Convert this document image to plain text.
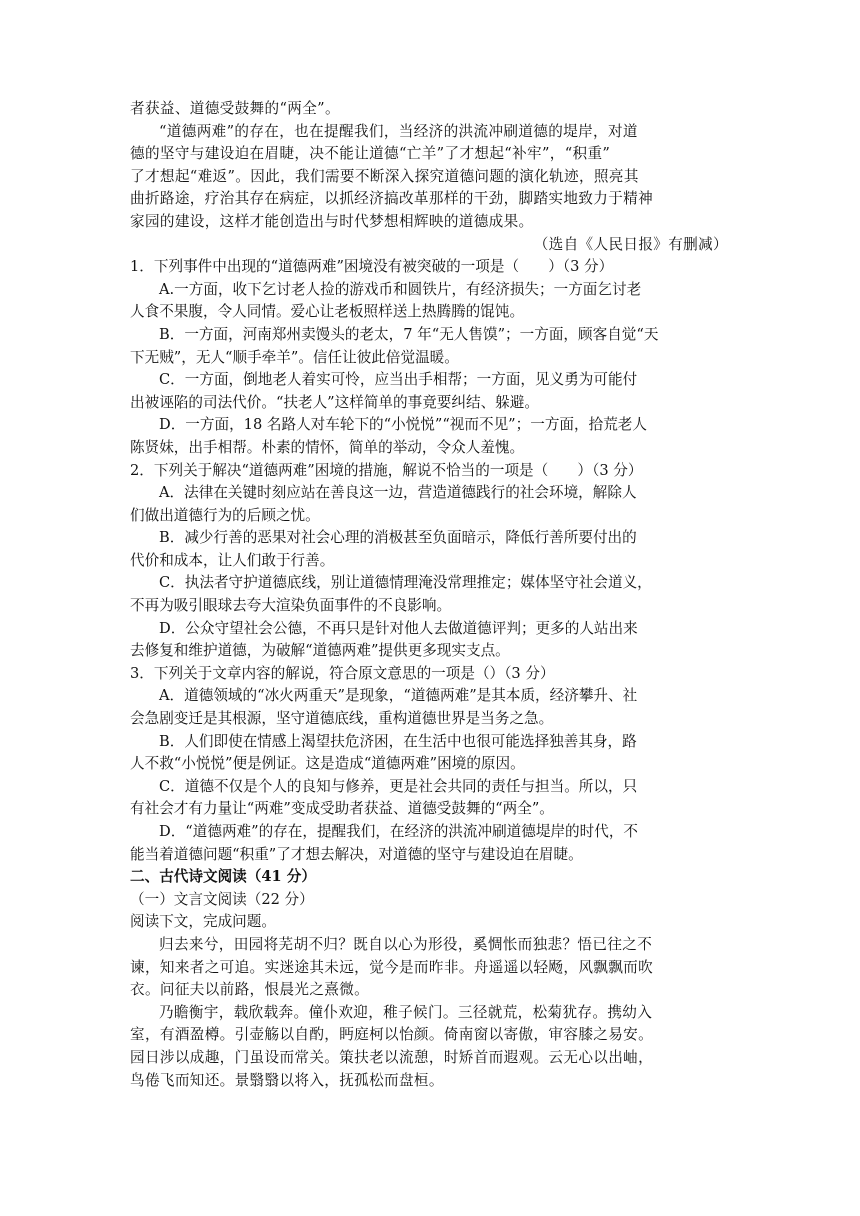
者获益、道德受鼓舞的“两全”。

“道德两难”的存在，也在提醒我们，当经济的洪流冲刷道德的堤岸，对道

德的坚守与建设迫在眉睫，决不能让道德“亡羊”了才想起“补牢”，“积重”

了才想起“难返”。因此，我们需要不断深入探究道德问题的演化轨迹，照亮其

曲折路途，疗治其存在病症，以抓经济搞改革那样的干劲，脚踏实地致力于精神

家园的建设，这样才能创造出与时代梦想相辉映的道德成果。

（选自《人民日报》有删减）

1．下列事件中出现的“道德两难”困境没有被突破的一项是（　　）（3 分）

A.一方面，收下乞讨老人捡的游戏币和圆铁片，有经济损失；一方面乞讨老

人食不果腹，令人同情。爱心让老板照样送上热腾腾的馄饨。

B．一方面，河南郑州卖馒头的老太，7 年“无人售馍”；一方面，顾客自觉“天

下无贼”，无人“顺手牵羊”。信任让彼此倍觉温暖。

C．一方面，倒地老人着实可怜，应当出手相帮；一方面，见义勇为可能付

出被诬陷的司法代价。“扶老人”这样简单的事竟要纠结、躲避。

D．一方面，18 名路人对车轮下的“小悦悦”“视而不见”；一方面，拾荒老人

陈贤妹，出手相帮。朴素的情怀，简单的举动，令众人羞愧。

2．下列关于解决“道德两难”困境的措施，解说不恰当的一项是（　　）（3 分）

A．法律在关键时刻应站在善良这一边，营造道德践行的社会环境，解除人

们做出道德行为的后顾之忧。

B．减少行善的恶果对社会心理的消极甚至负面暗示，降低行善所要付出的

代价和成本，让人们敢于行善。

C．执法者守护道德底线，别让道德情理淹没常理推定；媒体坚守社会道义，

不再为吸引眼球去夸大渲染负面事件的不良影响。

D．公众守望社会公德，不再只是针对他人去做道德评判；更多的人站出来

去修复和维护道德，为破解“道德两难”提供更多现实支点。

3．下列关于文章内容的解说，符合原文意思的一项是（）（3 分）

A．道德领域的“冰火两重天”是现象，“道德两难”是其本质，经济攀升、社

会急剧变迁是其根源，坚守道德底线，重构道德世界是当务之急。

B．人们即使在情感上渴望扶危济困，在生活中也很可能选择独善其身，路

人不救“小悦悦”便是例证。这是造成“道德两难”困境的原因。

C．道德不仅是个人的良知与修养，更是社会共同的责任与担当。所以，只

有社会才有力量让“两难”变成受助者获益、道德受鼓舞的“两全”。

D．“道德两难”的存在，提醒我们，在经济的洪流冲刷道德堤岸的时代，不

能当着道德问题“积重”了才想去解决，对道德的坚守与建设迫在眉睫。

二、古代诗文阅读（41 分）

（一）文言文阅读（22 分）

阅读下文，完成问题。

归去来兮，田园将芜胡不归？既自以心为形役，奚惆怅而独悲？悟已往之不

谏，知来者之可追。实迷途其未远，觉今是而昨非。舟遥遥以轻飏，风飘飘而吹

衣。问征夫以前路，恨晨光之熹微。

乃瞻衡宇，载欣载奔。僮仆欢迎，稚子候门。三径就荒，松菊犹存。携幼入

室，有酒盈樽。引壶觞以自酌，眄庭柯以怡颜。倚南窗以寄傲，审容膝之易安。

园日涉以成趣，门虽设而常关。策扶老以流憩，时矫首而遐观。云无心以出岫，

鸟倦飞而知还。景翳翳以将入，抚孤松而盘桓。
